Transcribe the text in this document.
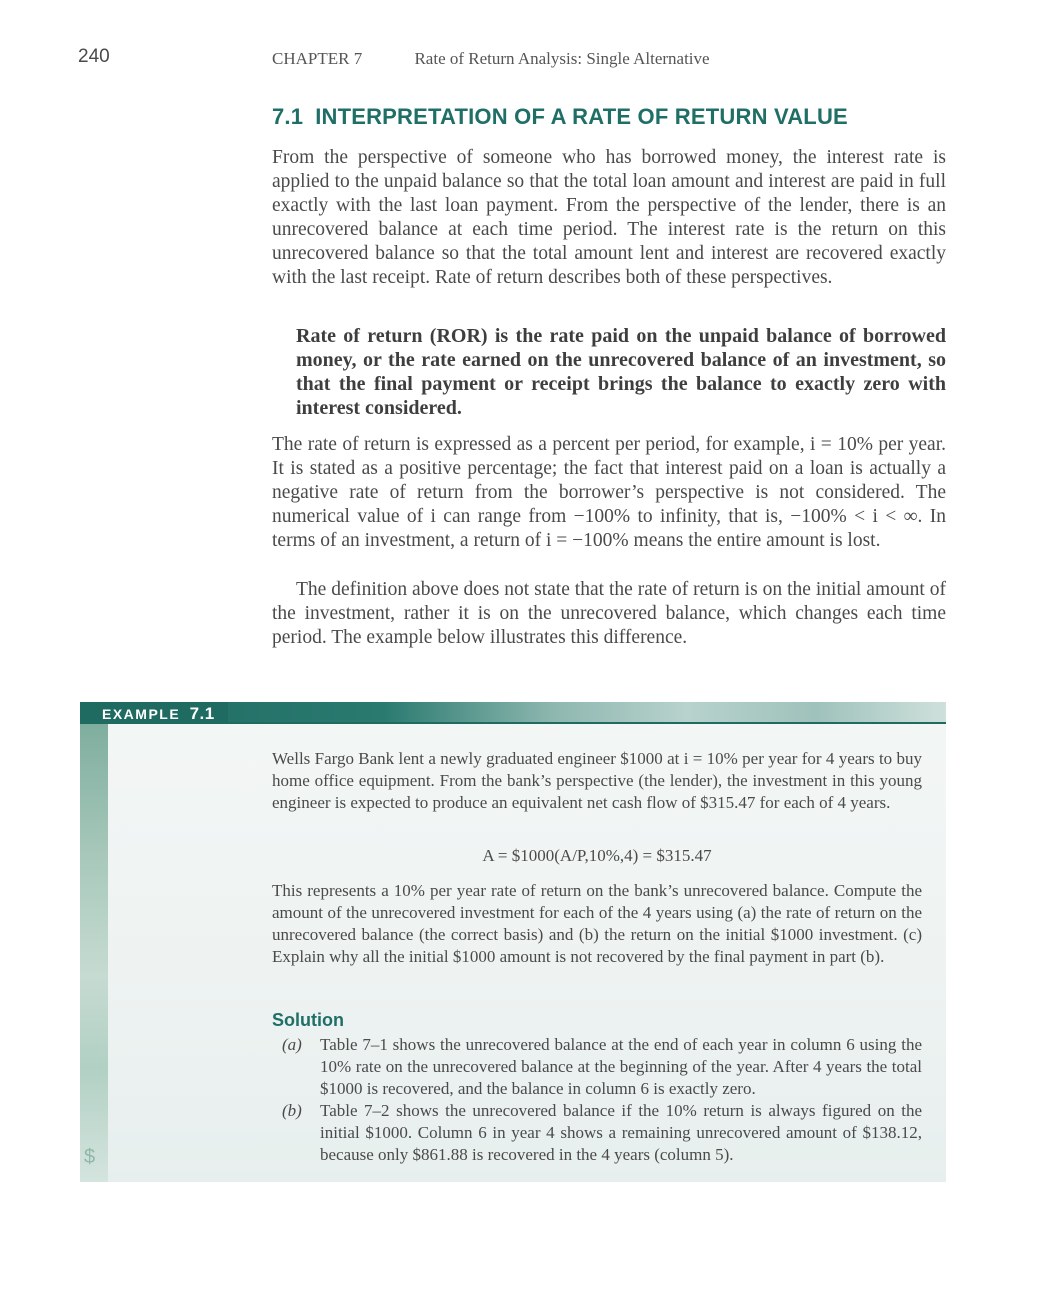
240	CHAPTER 7	Rate of Return Analysis: Single Alternative
7.1 INTERPRETATION OF A RATE OF RETURN VALUE

From the perspective of someone who has borrowed money, the interest rate is applied to the unpaid balance so that the total loan amount and interest are paid in full exactly with the last loan payment. From the perspective of the lender, there is an unrecovered balance at each time period. The interest rate is the return on this unrecovered balance so that the total amount lent and interest are recovered exactly with the last receipt. Rate of return describes both of these perspectives.

Rate of return (ROR) is the rate paid on the unpaid balance of borrowed money, or the rate earned on the unrecovered balance of an investment, so that the final payment or receipt brings the balance to exactly zero with interest considered.

The rate of return is expressed as a percent per period, for example, i = 10% per year. It is stated as a positive percentage; the fact that interest paid on a loan is actually a negative rate of return from the borrower’s perspective is not considered. The numerical value of i can range from −100% to infinity, that is, −100% < i < ∞. In terms of an investment, a return of i = −100% means the entire amount is lost.

The definition above does not state that the rate of return is on the initial amount of the investment, rather it is on the unrecovered balance, which changes each time period. The example below illustrates this difference.

EXAMPLE 7.1
$

Wells Fargo Bank lent a newly graduated engineer $1000 at i = 10% per year for 4 years to buy home office equipment. From the bank’s perspective (the lender), the investment in this young engineer is expected to produce an equivalent net cash flow of $315.47 for each of 4 years.

A = $1000(A/P,10%,4) = $315.47

This represents a 10% per year rate of return on the bank’s unrecovered balance. Compute the amount of the unrecovered investment for each of the 4 years using (a) the rate of return on the unrecovered balance (the correct basis) and (b) the return on the initial $1000 investment. (c) Explain why all the initial $1000 amount is not recovered by the final payment in part (b).

Solution
(a) Table 7–1 shows the unrecovered balance at the end of each year in column 6 using the 10% rate on the unrecovered balance at the beginning of the year. After 4 years the total $1000 is recovered, and the balance in column 6 is exactly zero.
(b) Table 7–2 shows the unrecovered balance if the 10% return is always figured on the initial $1000. Column 6 in year 4 shows a remaining unrecovered amount of $138.12, because only $861.88 is recovered in the 4 years (column 5).
